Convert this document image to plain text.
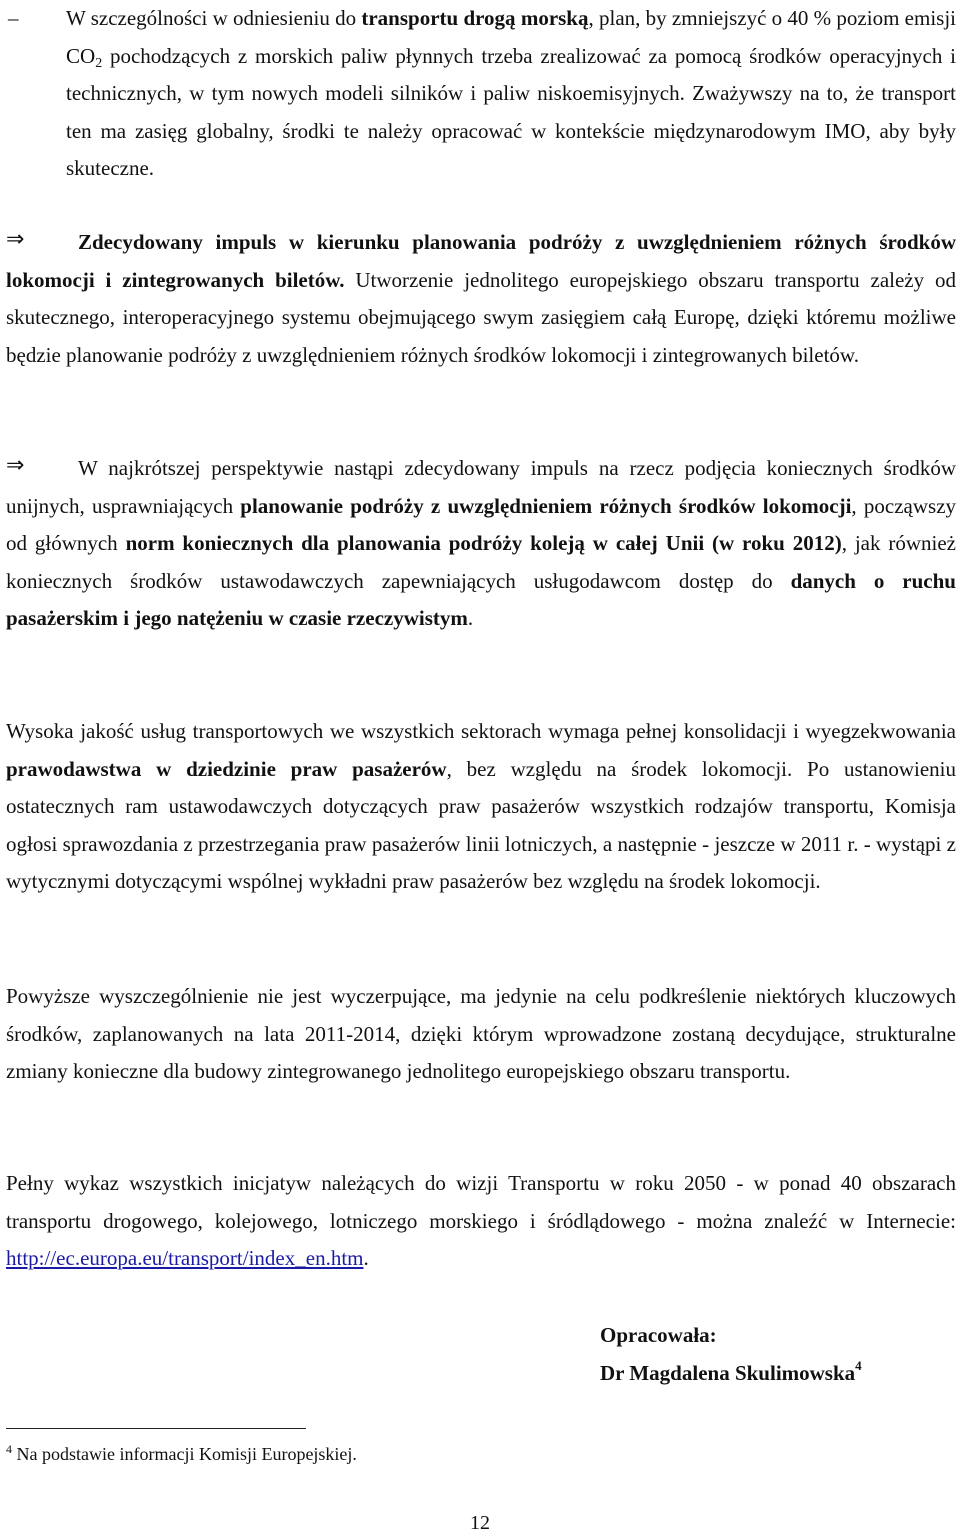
– W szczególności w odniesieniu do transportu drogą morską, plan, by zmniejszyć o 40 % poziom emisji $CO_2$ pochodzących z morskich paliw płynnych trzeba zrealizować za pomocą środków operacyjnych i technicznych, w tym nowych modeli silników i paliw niskoemisyjnych. Zważywszy na to, że transport ten ma zasięg globalny, środki te należy opracować w kontekście międzynarodowym IMO, aby były skuteczne.

⇒	Zdecydowany impuls w kierunku planowania podróży z uwzględnieniem różnych środków lokomocji i zintegrowanych biletów. Utworzenie jednolitego europejskiego obszaru transportu zależy od skutecznego, interoperacyjnego systemu obejmującego swym zasięgiem całą Europę, dzięki któremu możliwe będzie planowanie podróży z uwzględnieniem różnych środków lokomocji i zintegrowanych biletów.

⇒	W najkrótszej perspektywie nastąpi zdecydowany impuls na rzecz podjęcia koniecznych środków unijnych, usprawniających planowanie podróży z uwzględnieniem różnych środków lokomocji, począwszy od głównych norm koniecznych dla planowania podróży koleją w całej Unii (w roku 2012), jak również koniecznych środków ustawodawczych zapewniających usługodawcom dostęp do danych o ruchu pasażerskim i jego natężeniu w czasie rzeczywistym.

Wysoka jakość usług transportowych we wszystkich sektorach wymaga pełnej konsolidacji i wyegzekwowania prawodawstwa w dziedzinie praw pasażerów, bez względu na środek lokomocji. Po ustanowieniu ostatecznych ram ustawodawczych dotyczących praw pasażerów wszystkich rodzajów transportu, Komisja ogłosi sprawozdania z przestrzegania praw pasażerów linii lotniczych, a następnie - jeszcze w 2011 r. - wystąpi z wytycznymi dotyczącymi wspólnej wykładni praw pasażerów bez względu na środek lokomocji.

Powyższe wyszczególnienie nie jest wyczerpujące, ma jedynie na celu podkreślenie niektórych kluczowych środków, zaplanowanych na lata 2011-2014, dzięki którym wprowadzone zostaną decydujące, strukturalne zmiany konieczne dla budowy zintegrowanego jednolitego europejskiego obszaru transportu.

Pełny wykaz wszystkich inicjatyw należących do wizji Transportu w roku 2050 - w ponad 40 obszarach transportu drogowego, kolejowego, lotniczego morskiego i śródlądowego - można znaleźć w Internecie: http://ec.europa.eu/transport/index_en.htm.

Opracowała:
Dr Magdalena Skulimowska$^4$
$^4$ Na podstawie informacji Komisji Europejskiej.
12
